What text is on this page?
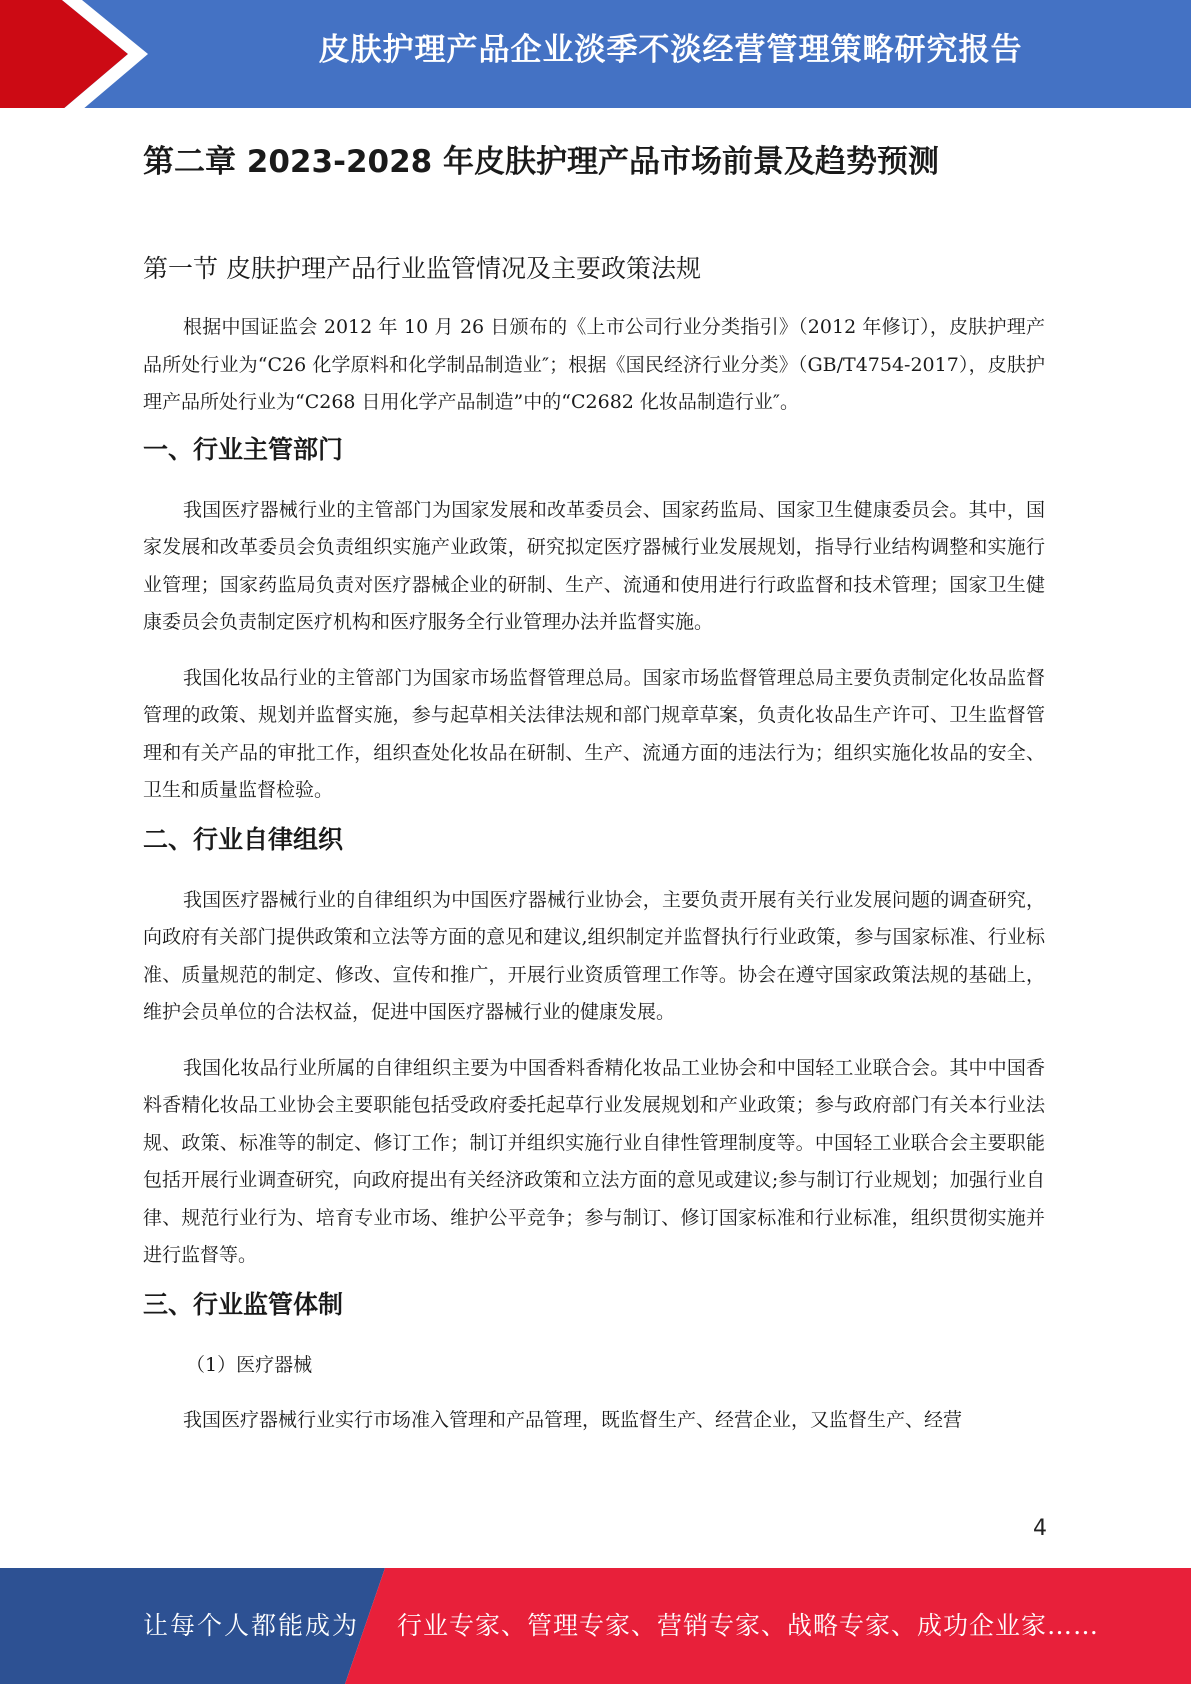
皮肤护理产品企业淡季不淡经营管理策略研究报告
第二章 2023-2028 年皮肤护理产品市场前景及趋势预测
第一节 皮肤护理产品行业监管情况及主要政策法规

根据中国证监会 2012 年 10 月 26 日颁布的《上市公司行业分类指引》（2012 年修订），皮肤护理产品所处行业为“C26 化学原料和化学制品制造业″；根据《国民经济行业分类》（GB/T4754-2017），皮肤护理产品所处行业为“C268 日用化学产品制造”中的“C2682 化妆品制造行业″。

一、行业主管部门

我国医疗器械行业的主管部门为国家发展和改革委员会、国家药监局、国家卫生健康委员会。其中，国家发展和改革委员会负责组织实施产业政策，研究拟定医疗器械行业发展规划，指导行业结构调整和实施行业管理；国家药监局负责对医疗器械企业的研制、生产、流通和使用进行行政监督和技术管理；国家卫生健康委员会负责制定医疗机构和医疗服务全行业管理办法并监督实施。

我国化妆品行业的主管部门为国家市场监督管理总局。国家市场监督管理总局主要负责制定化妆品监督管理的政策、规划并监督实施，参与起草相关法律法规和部门规章草案，负责化妆品生产许可、卫生监督管理和有关产品的审批工作，组织查处化妆品在研制、生产、流通方面的违法行为；组织实施化妆品的安全、卫生和质量监督检验。

二、行业自律组织

我国医疗器械行业的自律组织为中国医疗器械行业协会，主要负责开展有关行业发展问题的调查研究，向政府有关部门提供政策和立法等方面的意见和建议,组织制定并监督执行行业政策，参与国家标准、行业标准、质量规范的制定、修改、宣传和推广，开展行业资质管理工作等。协会在遵守国家政策法规的基础上，维护会员单位的合法权益，促进中国医疗器械行业的健康发展。

我国化妆品行业所属的自律组织主要为中国香料香精化妆品工业协会和中国轻工业联合会。其中中国香料香精化妆品工业协会主要职能包括受政府委托起草行业发展规划和产业政策；参与政府部门有关本行业法规、政策、标准等的制定、修订工作；制订并组织实施行业自律性管理制度等。中国轻工业联合会主要职能包括开展行业调查研究，向政府提出有关经济政策和立法方面的意见或建议;参与制订行业规划；加强行业自律、规范行业行为、培育专业市场、维护公平竞争；参与制订、修订国家标准和行业标准，组织贯彻实施并进行监督等。

三、行业监管体制

（1）医疗器械

我国医疗器械行业实行市场准入管理和产品管理，既监督生产、经营企业，又监督生产、经营

4
让每个人都能成为 行业专家、管理专家、营销专家、战略专家、成功企业家……
